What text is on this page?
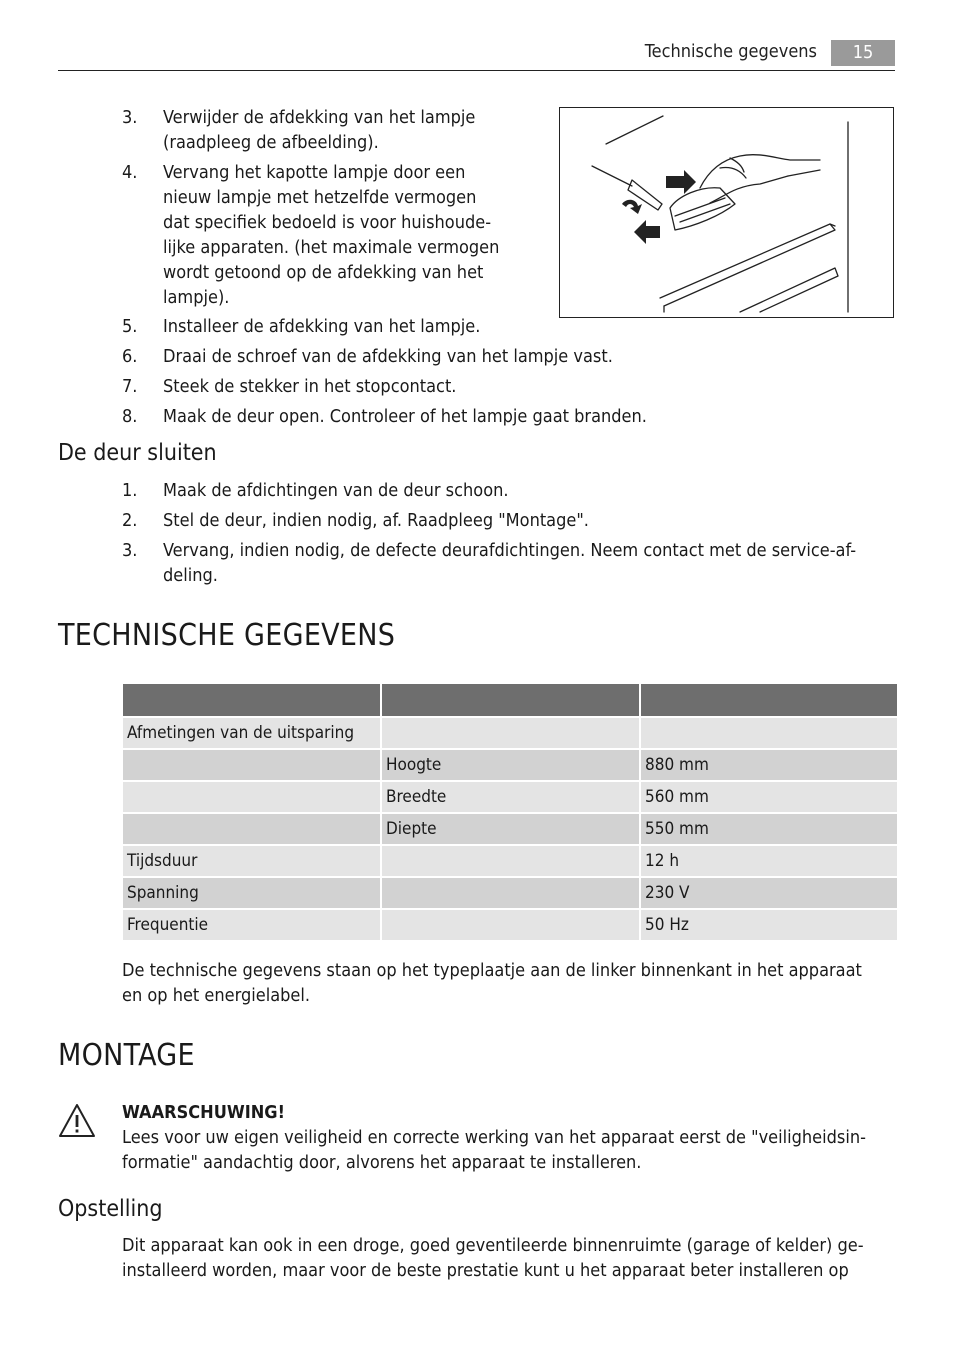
Technische gegevens	15
3.	Verwijder de afdekking van het lampje
(raadpleeg de afbeelding).
4.	Vervang het kapotte lampje door een
nieuw lampje met hetzelfde vermogen
dat specifiek bedoeld is voor huishoude-
lijke apparaten. (het maximale vermogen
wordt getoond op de afdekking van het
lampje).
5.	Installeer de afdekking van het lampje.
6.	Draai de schroef van de afdekking van het lampje vast.
7.	Steek de stekker in het stopcontact.
8.	Maak de deur open. Controleer of het lampje gaat branden.
De deur sluiten
1.	Maak de afdichtingen van de deur schoon.
2.	Stel de deur, indien nodig, af. Raadpleeg "Montage".
3.	Vervang, indien nodig, de defecte deurafdichtingen. Neem contact met de service-af-
deling.
TECHNISCHE GEGEVENS

Afmetingen van de uitsparing		
	Hoogte	880 mm
	Breedte	560 mm
	Diepte	550 mm
Tijdsduur		12 h
Spanning		230 V
Frequentie		50 Hz
De technische gegevens staan op het typeplaatje aan de linker binnenkant in het apparaat
en op het energielabel.
MONTAGE
WAARSCHUWING!
Lees voor uw eigen veiligheid en correcte werking van het apparaat eerst de "veiligheidsin-
formatie" aandachtig door, alvorens het apparaat te installeren.
Opstelling
Dit apparaat kan ook in een droge, goed geventileerde binnenruimte (garage of kelder) ge-
installeerd worden, maar voor de beste prestatie kunt u het apparaat beter installeren op
